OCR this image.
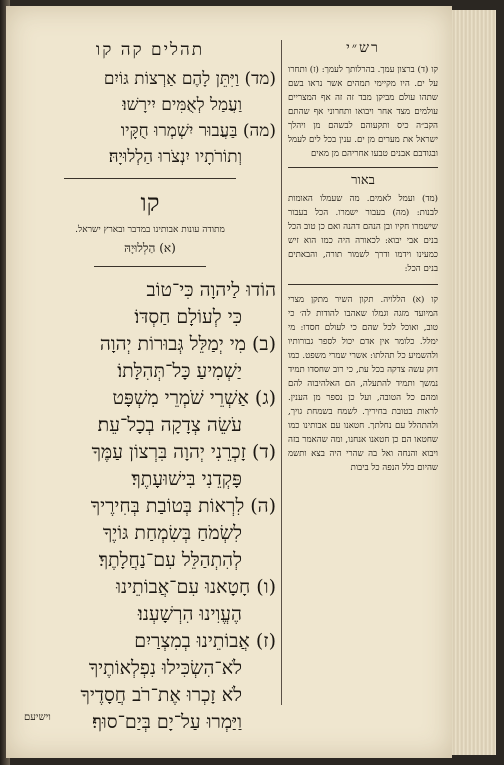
תהלים קה קו
(מד) וַיִּתֵּן לָהֶם אַרְצוֹת גּוֹיִם
וַעֲמַל לְאֻמִּים יִירָשׁוּ׃
(מה) בַּעֲבוּר יִשְׁמְרוּ חֻקָּיו
וְתוֹרֹתָיו יִנְצֹרוּ הַלְלוּיָהּ׃
קו
מתודה עונות אבותינו במדבר ובארץ ישראל.
(א) הַלְלוּיָהּ
הוֹדוּ לַיהוָה כִּי־טוֹב
כִּי לְעוֹלָם חַסְדּוֹ׃
(ב) מִי יְמַלֵּל גְּבוּרוֹת יְהוָה
יַשְׁמִיעַ כָּל־תְּהִלָּתוֹ׃
(ג) אַשְׁרֵי שֹׁמְרֵי מִשְׁפָּט
עֹשֵׂה צְדָקָה בְכָל־עֵת׃
(ד) זָכְרֵנִי יְהוָה בִּרְצוֹן עַמֶּךָ
פָּקְדֵנִי בִּישׁוּעָתֶךָ׃
(ה) לִרְאוֹת בְּטוֹבַת בְּחִירֶיךָ
לִשְׂמֹחַ בְּשִׂמְחַת גּוֹיֶךָ
לְהִתְהַלֵּל עִם־נַחֲלָתֶךָ׃
(ו) חָטָאנוּ עִם־אֲבוֹתֵינוּ
הֶעֱוִינוּ הִרְשָׁעְנוּ׃
(ז) אֲבוֹתֵינוּ בְמִצְרַיִם
לֹא־הִשְׂכִּילוּ נִפְלְאוֹתֶיךָ
לֹא זָכְרוּ אֶת־רֹב חֲסָדֶיךָ
וַיַּמְרוּ עַל־יָם בְּיַם־סוּף׃
רש״י
קו (ד) ברצון עמך. בהרלותך לעמך: (ז) ותחרו על ים. היו מקיימי תמהים אשר נראו בשם שתהו עולם מביקן מבד זה זה אף המצריים עולמים מצד אחר ויבואו ותחרוני אף שהתם הקב״ה כיס ותקעוהם לבשהם מן ויהלך ישראל את מערים מן ים. ענין בכל לים לעמל ובגודבם אבנים טבעו אחריהם מן מאים
באור
(מד) ועמל לאמים. מה שעמלו האומות לבנות: (מה) בעבור ישמרו. הכל בעבור שישמרו חקיו ובן הנהם דהנה ואם כן טוב הכל בנים אבי יבוא: לכאורה היה כמו הוא זיש כמעינו וידמו ודרך לשמור תורה, והבאתים בנים הכל:
קו (א) הללויה. תקון השיר מתקן מצרי המיועד מזגה וגמלו שאהבו להודות לה׳ כי טוב, ואוכל לכל שהם כי לעולם חסדו: מי ימלל. כלומר אין אדם יכול לספר גבורותיו ולהשמיע כל תהלתו: אשרי שמרי משפט. כמו דוק עשה צדקה בכל עת, כי רוב שחסדו תמיד נמשך ותמיד להתעלה, הם האלהיבוה להם ומהם כל הטובה, ועל כן נספר מן הענין. לראות בטובת בחיריך. לשמח בשמחת גויך, ולהתהלל עם נחלתך. חטאנו עם אבותינו כמו שחטאו הם כן חטאנו אנחנו, ומה שהאמר בזה ויבוא והנחה ואל בה שהרי היה בצא ותשמ שהיום כלל הנפה כל ביבות
וישיעם
